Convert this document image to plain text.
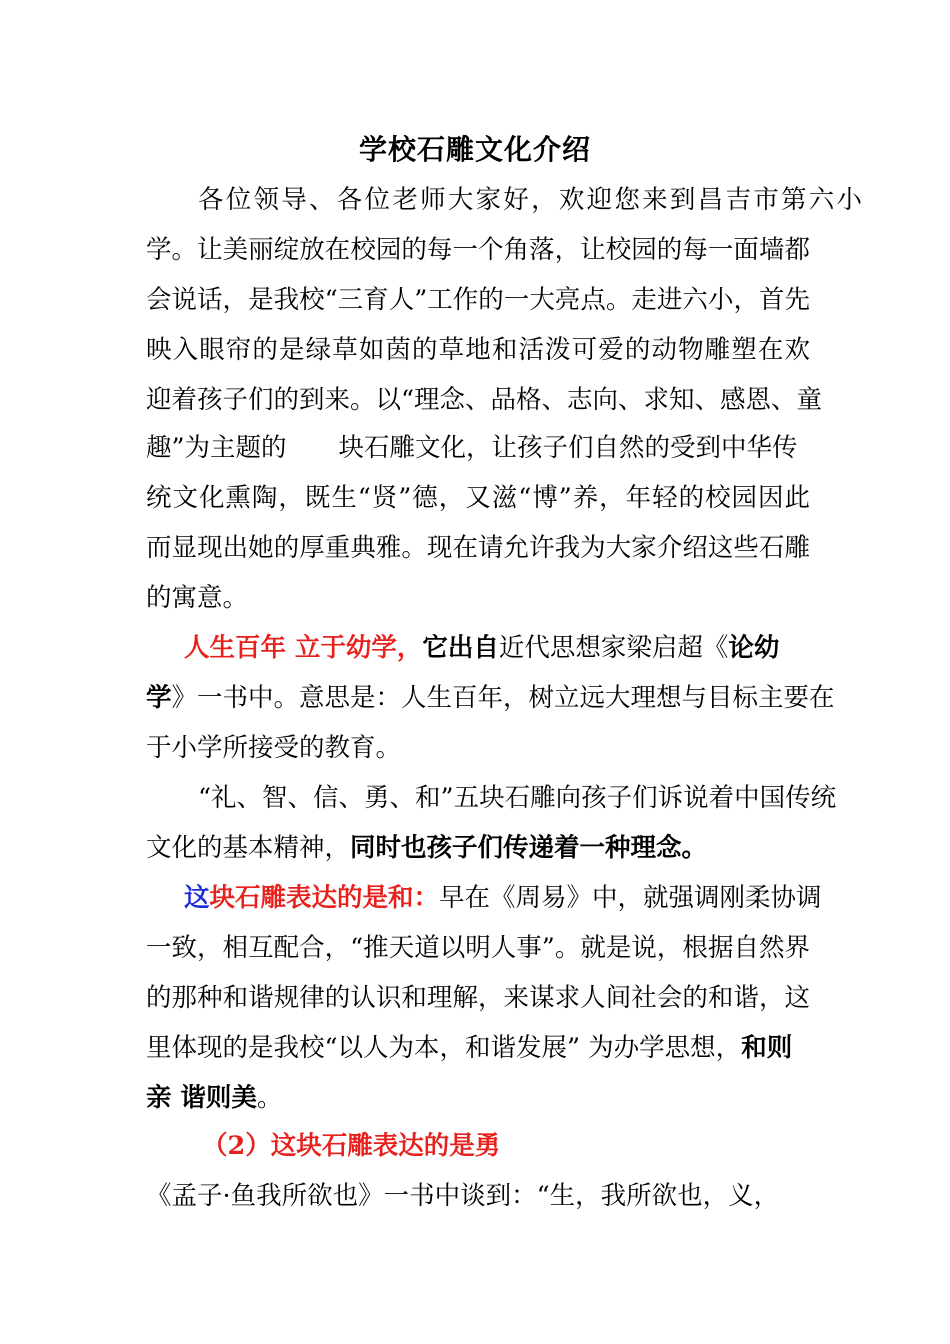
学校石雕文化介绍
各位领导、各位老师大家好，欢迎您来到昌吉市第六小
学。让美丽绽放在校园的每一个角落，让校园的每一面墙都
会说话，是我校“三育人”工作的一大亮点。走进六小，首先
映入眼帘的是绿草如茵的草地和活泼可爱的动物雕塑在欢
迎着孩子们的到来。以“理念、品格、志向、求知、感恩、童
趣”为主题的 块石雕文化，让孩子们自然的受到中华传
统文化熏陶，既生“贤”德，又滋“博”养，年轻的校园因此
而显现出她的厚重典雅。现在请允许我为大家介绍这些石雕
的寓意。
人生百年 立于幼学，它出自近代思想家梁启超《论幼
学》一书中。意思是：人生百年，树立远大理想与目标主要在
于小学所接受的教育。
“礼、智、信、勇、和”五块石雕向孩子们诉说着中国传统
文化的基本精神，同时也孩子们传递着一种理念。
这块石雕表达的是和：早在《周易》中，就强调刚柔协调
一致，相互配合，“推天道以明人事”。就是说，根据自然界
的那种和谐规律的认识和理解，来谋求人间社会的和谐，这
里体现的是我校“以人为本，和谐发展” 为办学思想，和则
亲 谐则美。
（2）这块石雕表达的是勇
《孟子·鱼我所欲也》一书中谈到：“生，我所欲也，义，
